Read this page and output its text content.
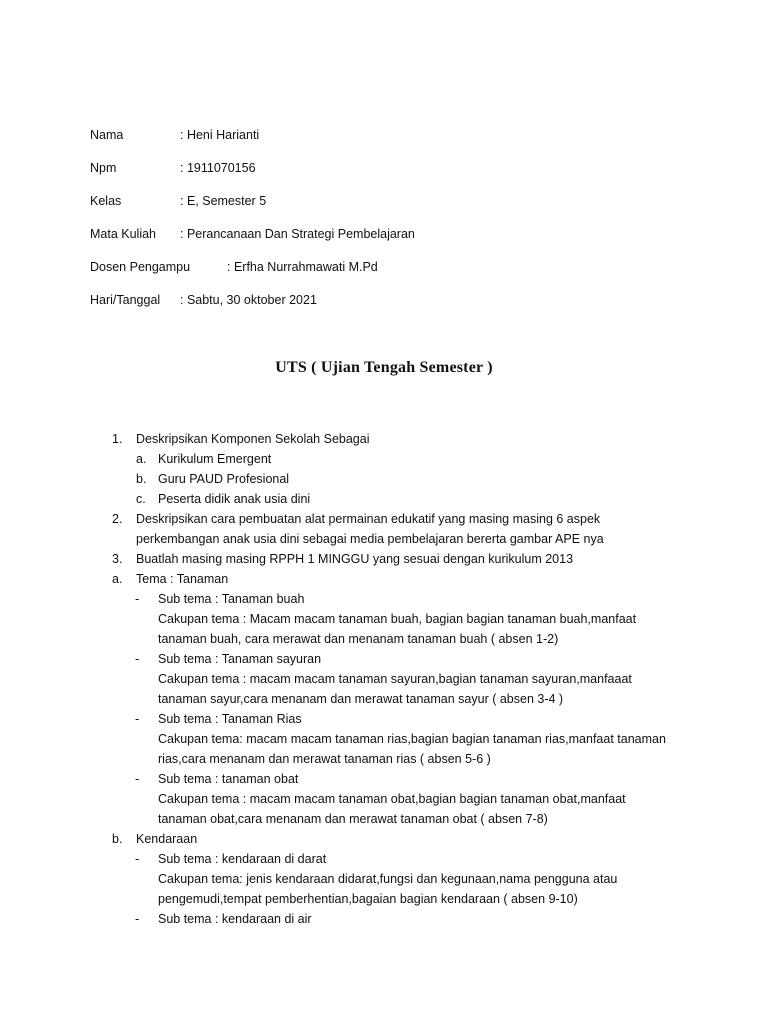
Nama	: Heni Harianti
Npm	: 1911070156
Kelas	: E, Semester 5
Mata Kuliah : Perancanaan Dan Strategi Pembelajaran
Dosen Pengampu	: Erfha Nurrahmawati M.Pd
Hari/Tanggal : Sabtu, 30 oktober 2021
UTS ( Ujian Tengah Semester )
1. Deskripsikan Komponen Sekolah Sebagai
a. Kurikulum Emergent
b. Guru PAUD Profesional
c. Peserta didik anak usia dini
2. Deskripsikan cara pembuatan alat permainan edukatif yang masing masing 6 aspek
perkembangan anak usia dini sebagai media pembelajaran bererta gambar APE nya
3. Buatlah masing masing RPPH 1 MINGGU yang sesuai dengan kurikulum 2013
a. Tema : Tanaman
- Sub tema : Tanaman buah
Cakupan tema : Macam macam tanaman buah, bagian bagian tanaman buah,manfaat
tanaman buah, cara merawat dan menanam tanaman buah ( absen 1-2)
- Sub tema : Tanaman sayuran
Cakupan tema : macam macam tanaman sayuran,bagian tanaman sayuran,manfaaat
tanaman sayur,cara menanam dan merawat tanaman sayur ( absen 3-4 )
- Sub tema : Tanaman Rias
Cakupan tema: macam macam tanaman rias,bagian bagian tanaman rias,manfaat tanaman
rias,cara menanam dan merawat tanaman rias ( absen 5-6 )
- Sub tema : tanaman obat
Cakupan tema : macam macam tanaman obat,bagian bagian tanaman obat,manfaat
tanaman obat,cara menanam dan merawat tanaman obat ( absen 7-8)
b. Kendaraan
- Sub tema : kendaraan di darat
Cakupan tema: jenis kendaraan didarat,fungsi dan kegunaan,nama pengguna atau
pengemudi,tempat pemberhentian,bagaian bagian kendaraan ( absen 9-10)
- Sub tema : kendaraan di air
